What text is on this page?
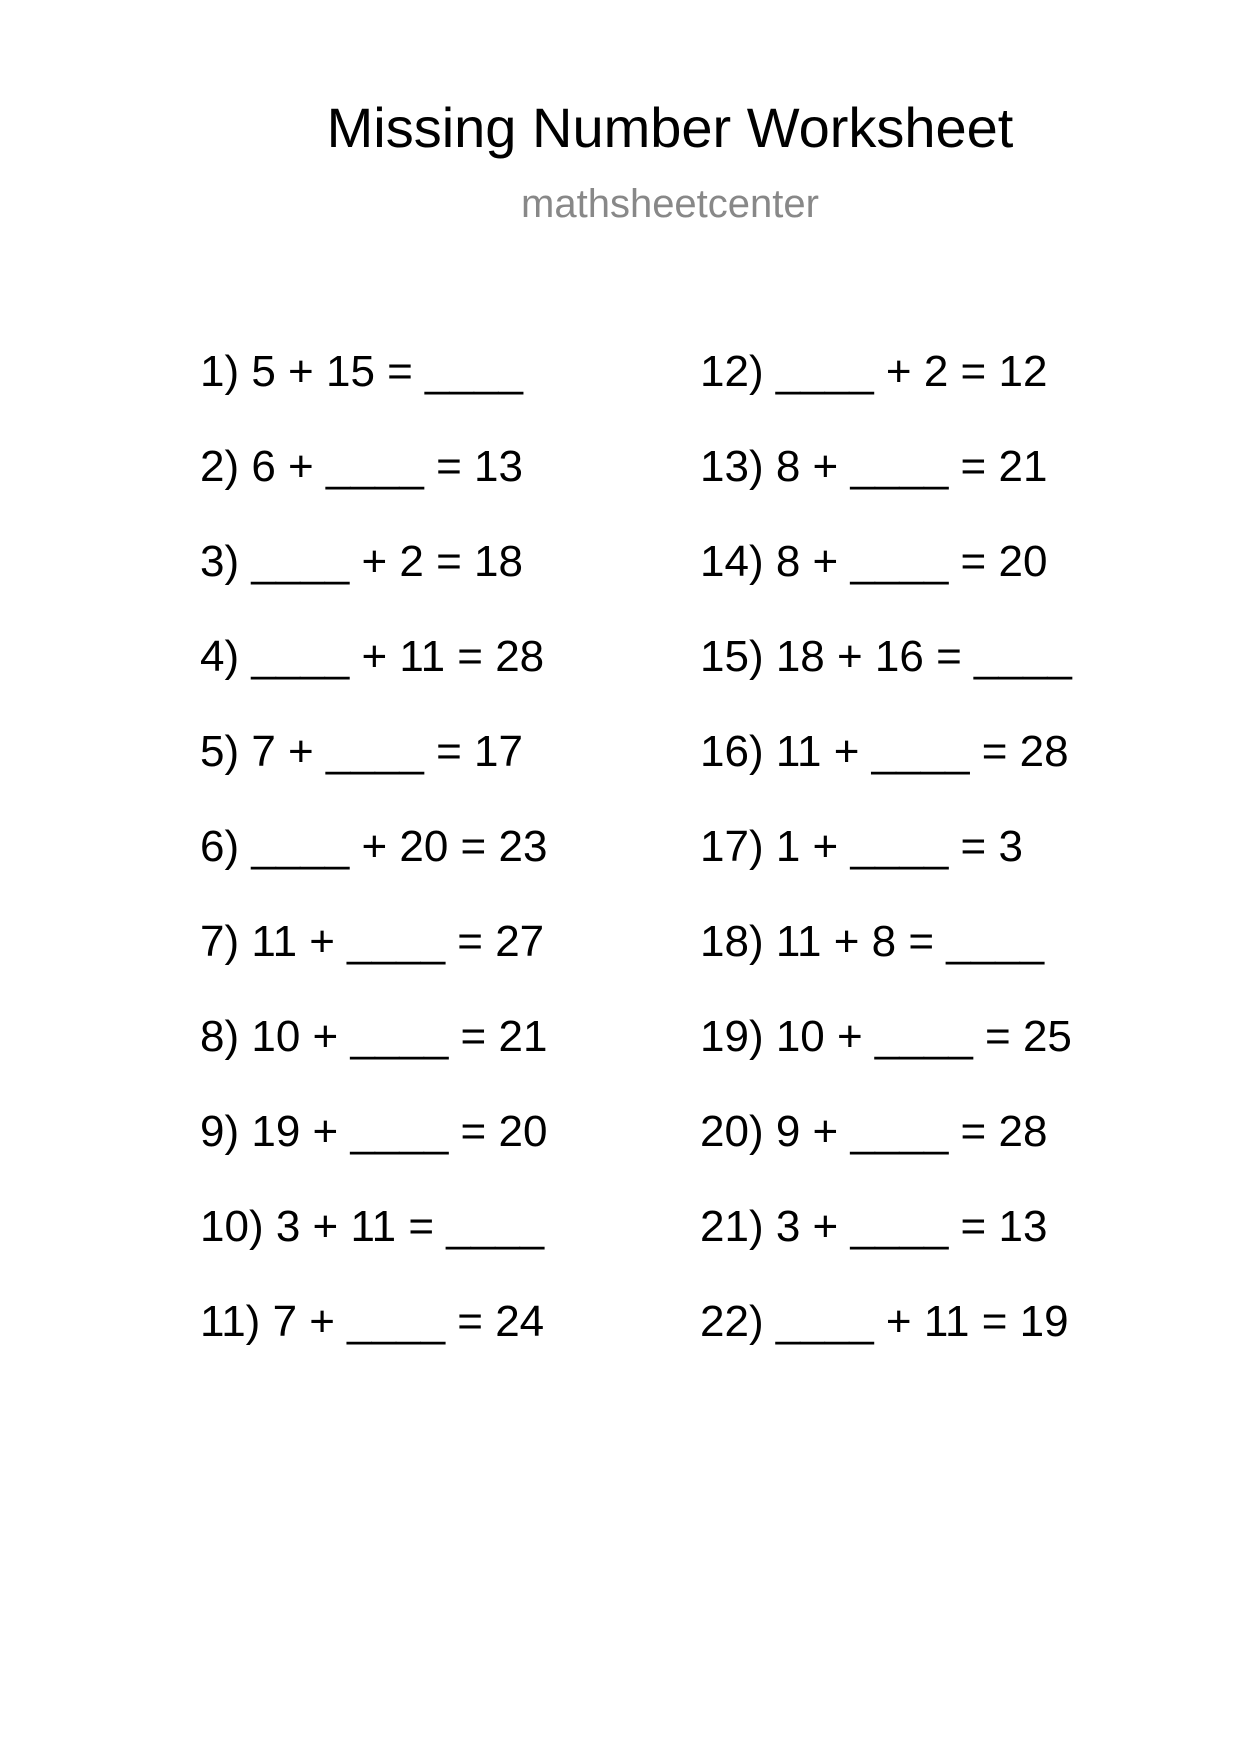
Missing Number Worksheet
mathsheetcenter
1) 5 + 15 = ____
2) 6 + ____ = 13
3) ____ + 2 = 18
4) ____ + 11 = 28
5) 7 + ____ = 17
6) ____ + 20 = 23
7) 11 + ____ = 27
8) 10 + ____ = 21
9) 19 + ____ = 20
10) 3 + 11 = ____
11) 7 + ____ = 24
12) ____ + 2 = 12
13) 8 + ____ = 21
14) 8 + ____ = 20
15) 18 + 16 = ____
16) 11 + ____ = 28
17) 1 + ____ = 3
18) 11 + 8 = ____
19) 10 + ____ = 25
20) 9 + ____ = 28
21) 3 + ____ = 13
22) ____ + 11 = 19
